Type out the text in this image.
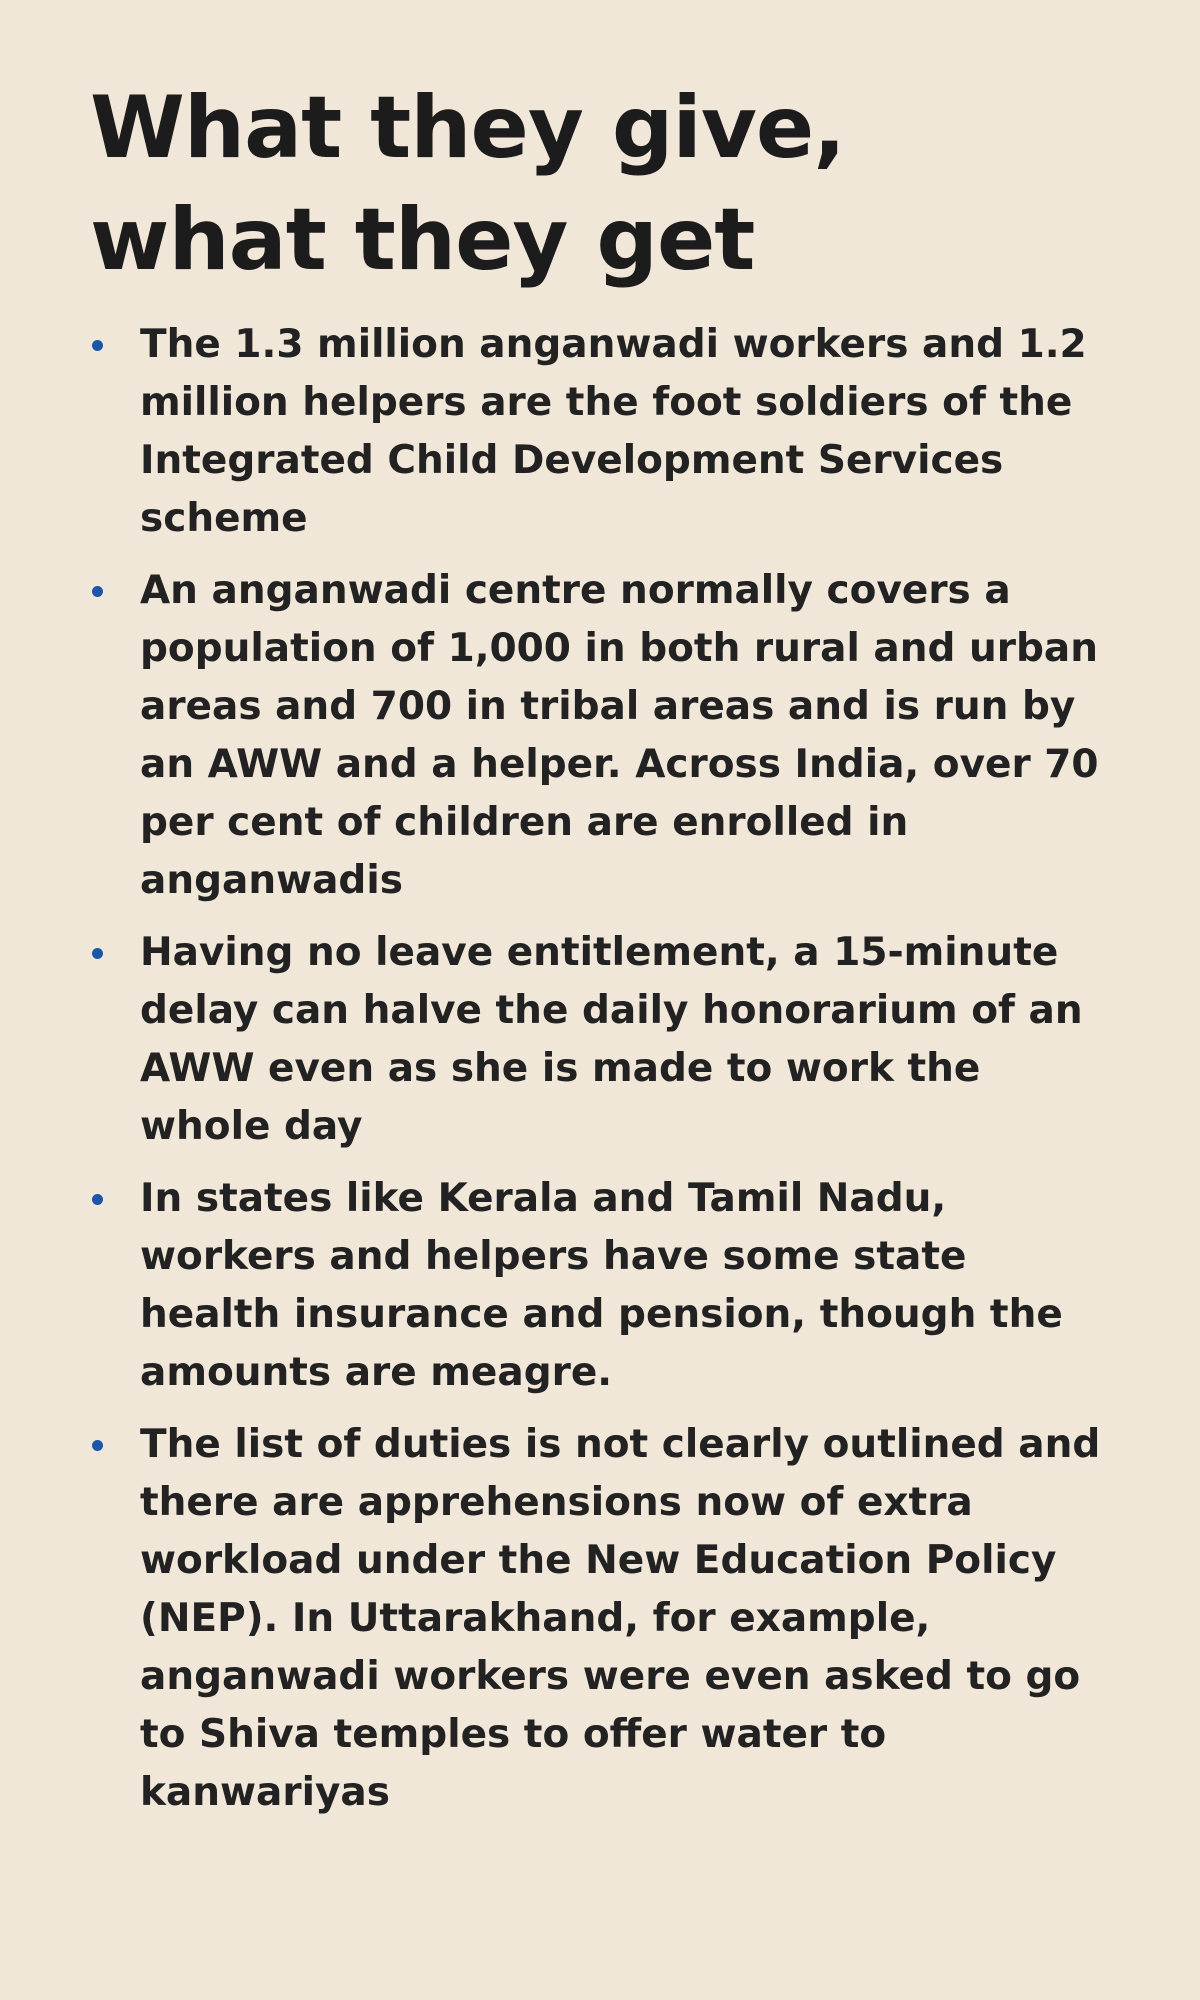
What they give,
what they get
The 1.3 million anganwadi workers and 1.2 million helpers are the foot soldiers of the Integrated Child Development Services scheme
An anganwadi centre normally covers a population of 1,000 in both rural and urban areas and 700 in tribal areas and is run by an AWW and a helper. Across India, over 70 per cent of children are enrolled in anganwadis
Having no leave entitlement, a 15-minute delay can halve the daily honorarium of an AWW even as she is made to work the whole day
In states like Kerala and Tamil Nadu, workers and helpers have some state health insurance and pension, though the amounts are meagre.
The list of duties is not clearly outlined and there are apprehensions now of extra workload under the New Education Policy (NEP). In Uttarakhand, for example, anganwadi workers were even asked to go to Shiva temples to offer water to kanwariyas
